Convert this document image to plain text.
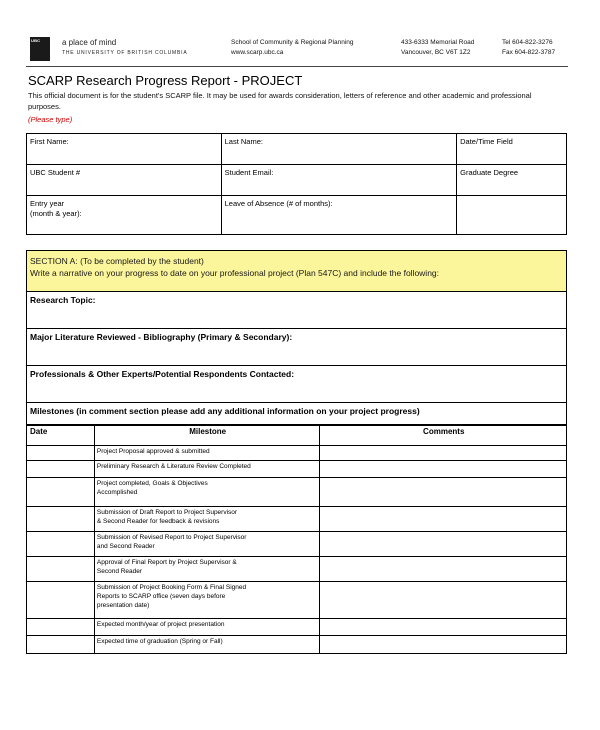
UBC	a place of mind
THE UNIVERSITY OF BRITISH COLUMBIA
School of Community & Regional Planning
www.scarp.ubc.ca
433-6333 Memorial Road
Vancouver, BC V6T 1Z2
Tel 604-822-3276
Fax 604-822-3787
SCARP Research Progress Report - PROJECT
This official document is for the student's SCARP file. It may be used for awards consideration, letters of reference and other academic and professional purposes.
(Please type)
First Name:	Last Name:	Date/Time Field
UBC Student #	Student Email:	Graduate Degree

Entry year
(month & year):	Leave of Absence (# of months):	
SECTION A: (To be completed by the student)
Write a narrative on your progress to date on your professional project (Plan 547C) and include the following:
Research Topic:
Major Literature Reviewed - Bibliography (Primary & Secondary):
Professionals & Other Experts/Potential Respondents Contacted:
Milestones (in comment section please add any additional information on your project progress)
Date	Milestone	Comments

	Project Proposal approved & submitted	

	Preliminary Research & Literature Review Completed	

	Project completed, Goals & Objectives
Accomplished	

	Submission of Draft Report to Project Supervisor
& Second Reader for feedback & revisions	

	Submission of Revised Report to Project Supervisor
and Second Reader	

	Approval of Final Report by Project Supervisor &
Second Reader	

	Submission of Project Booking Form & Final Signed
Reports to SCARP office (seven days before
presentation date)	

	Expected month/year of project presentation	

	Expected time of graduation (Spring or Fall)	
